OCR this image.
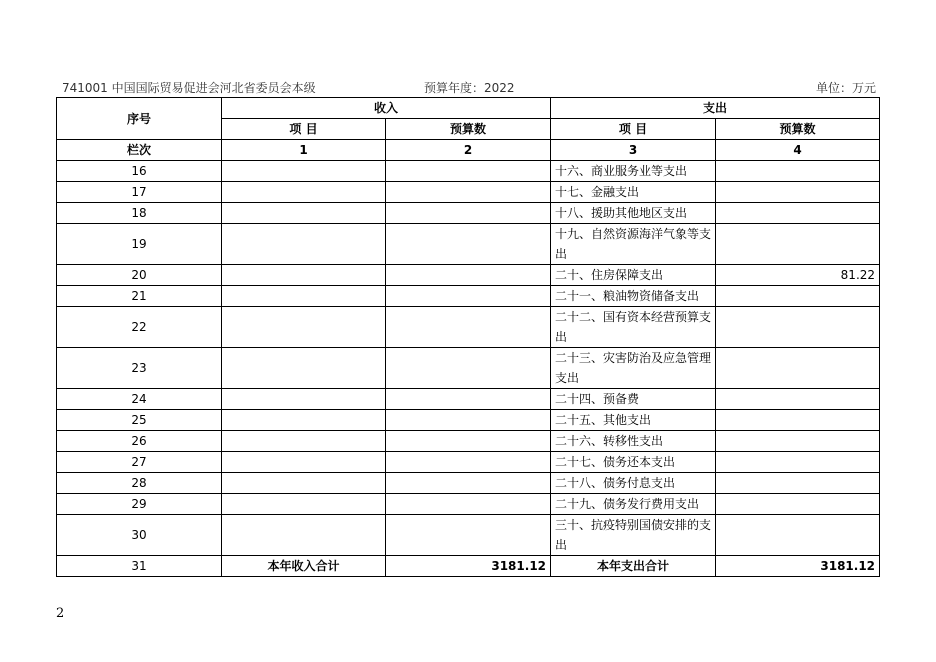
741001 中国国际贸易促进会河北省委员会本级	预算年度：2022	单位：万元
序号	收入		支出	
	项 目	预算数	项 目	预算数
栏次	1	2	3	4
16			十六、商业服务业等支出	
17			十七、金融支出	
18			十八、援助其他地区支出	
19			十九、自然资源海洋气象等支出	
20			二十、住房保障支出	81.22
21			二十一、粮油物资储备支出	
22			二十二、国有资本经营预算支出	
23			二十三、灾害防治及应急管理支出	
24			二十四、预备费	
25			二十五、其他支出	
26			二十六、转移性支出	
27			二十七、债务还本支出	
28			二十八、债务付息支出	
29			二十九、债务发行费用支出	
30			三十、抗疫特别国债安排的支出	
31	本年收入合计	3181.12	本年支出合计	3181.12
2
